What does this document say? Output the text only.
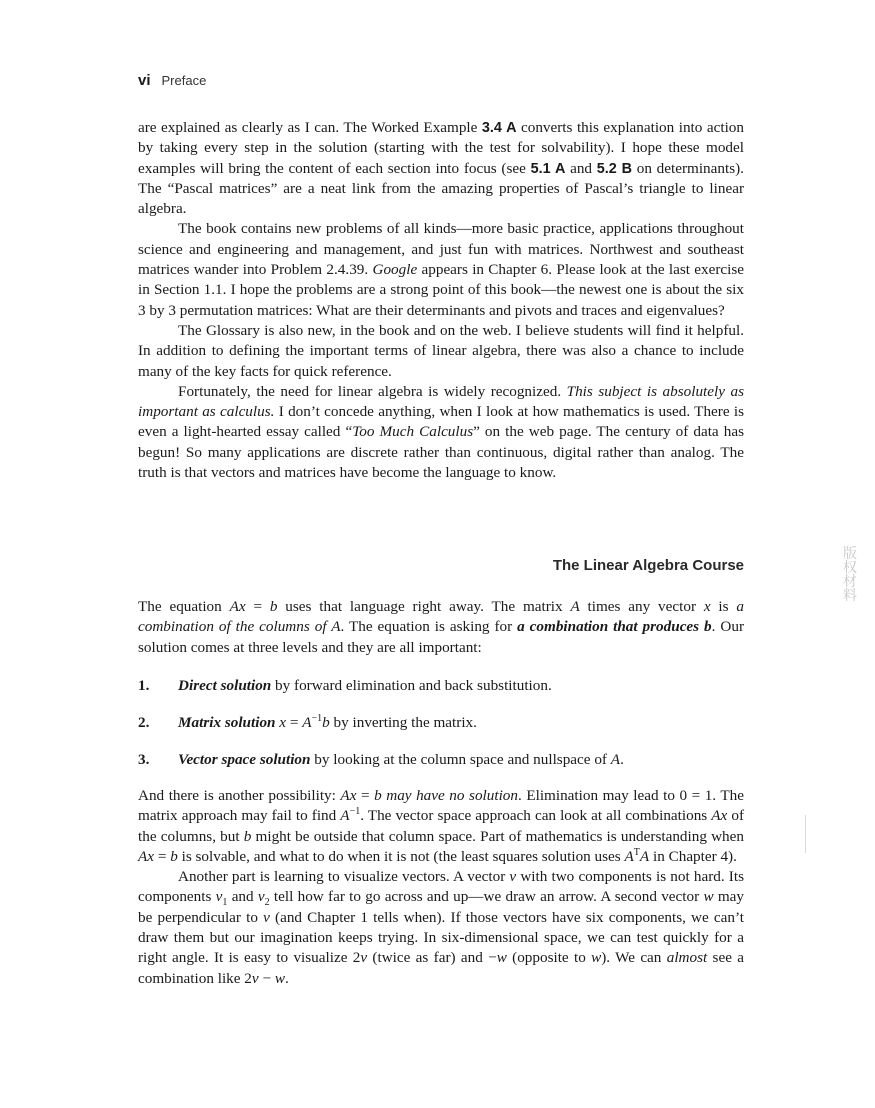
vi Preface

are explained as clearly as I can. The Worked Example 3.4 A converts this explanation into action by taking every step in the solution (starting with the test for solvability). I hope these model examples will bring the content of each section into focus (see 5.1 A and 5.2 B on determinants). The “Pascal matrices” are a neat link from the amazing properties of Pascal’s triangle to linear algebra.

The book contains new problems of all kinds—more basic practice, applications throughout science and engineering and management, and just fun with matrices. Northwest and southeast matrices wander into Problem 2.4.39. Google appears in Chapter 6. Please look at the last exercise in Section 1.1. I hope the problems are a strong point of this book—the newest one is about the six 3 by 3 permutation matrices: What are their determinants and pivots and traces and eigenvalues?

The Glossary is also new, in the book and on the web. I believe students will find it helpful. In addition to defining the important terms of linear algebra, there was also a chance to include many of the key facts for quick reference.

Fortunately, the need for linear algebra is widely recognized. This subject is absolutely as important as calculus. I don’t concede anything, when I look at how mathematics is used. There is even a light-hearted essay called “Too Much Calculus” on the web page. The century of data has begun! So many applications are discrete rather than continuous, digital rather than analog. The truth is that vectors and matrices have become the language to know.

The Linear Algebra Course

The equation Ax = b uses that language right away. The matrix A times any vector x is a combination of the columns of A. The equation is asking for a combination that produces b. Our solution comes at three levels and they are all important:

1. Direct solution by forward elimination and back substitution.
2. Matrix solution $x = A^{-1}b$ by inverting the matrix.
3. Vector space solution by looking at the column space and nullspace of A.

And there is another possibility: Ax = b may have no solution. Elimination may lead to 0 = 1. The matrix approach may fail to find $A^{-1}$. The vector space approach can look at all combinations Ax of the columns, but b might be outside that column space. Part of mathematics is understanding when Ax = b is solvable, and what to do when it is not (the least squares solution uses $A^TA$ in Chapter 4).

Another part is learning to visualize vectors. A vector v with two components is not hard. Its components $v_1$ and $v_2$ tell how far to go across and up—we draw an arrow. A second vector w may be perpendicular to v (and Chapter 1 tells when). If those vectors have six components, we can’t draw them but our imagination keeps trying. In six-dimensional space, we can test quickly for a right angle. It is easy to visualize 2v (twice as far) and −w (opposite to w). We can almost see a combination like 2v − w.

版
权
材
料
